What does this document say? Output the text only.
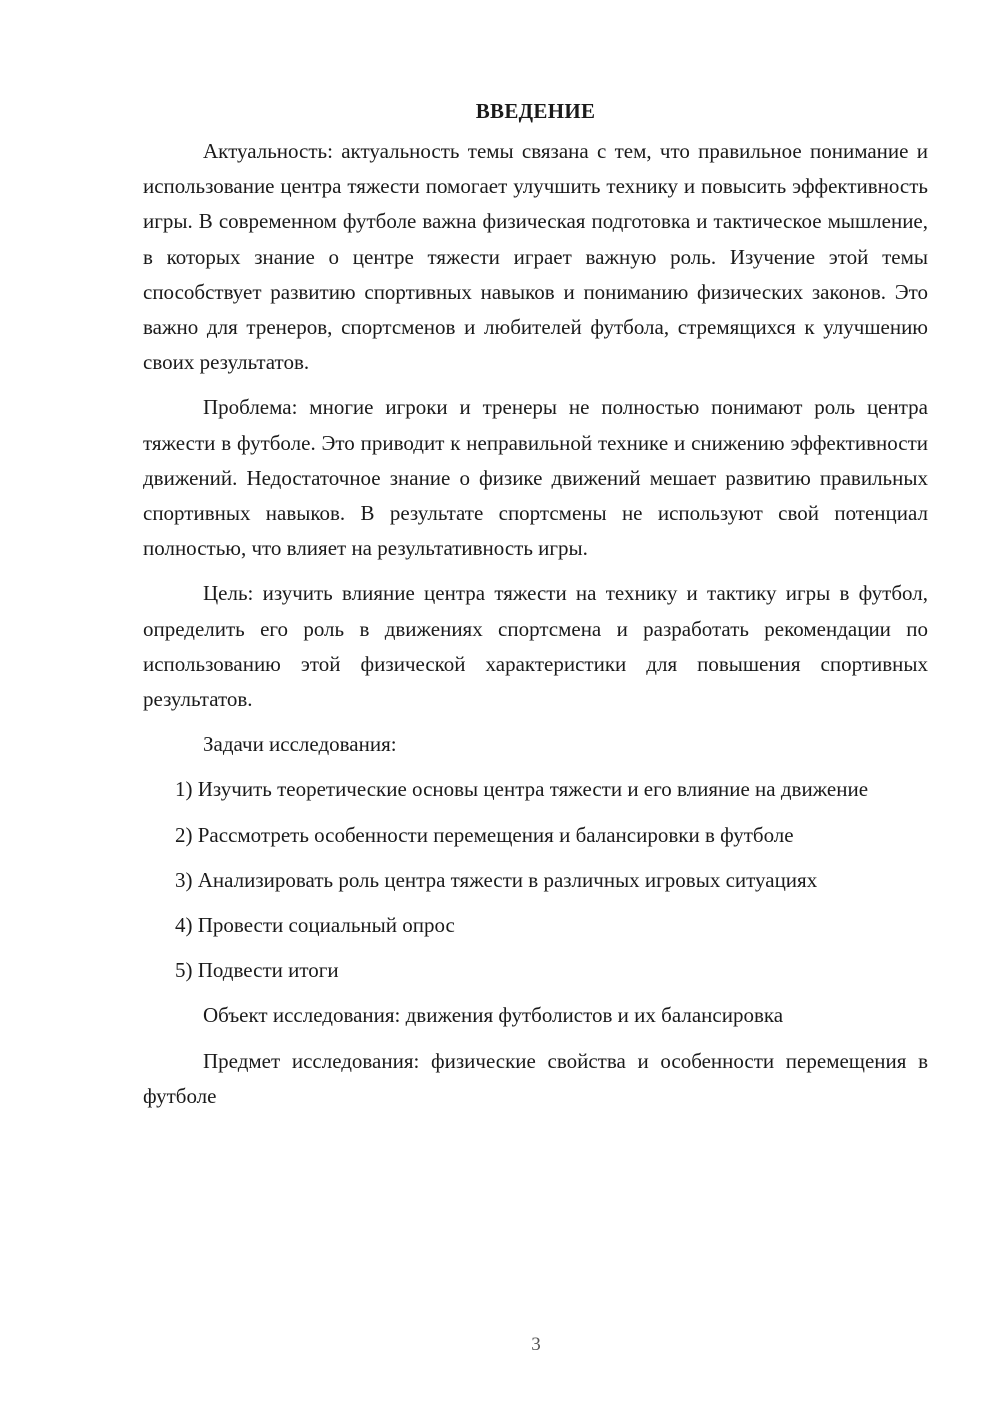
ВВЕДЕНИЕ

Актуальность: актуальность темы связана с тем, что правильное понимание и использование центра тяжести помогает улучшить технику и повысить эффективность игры. В современном футболе важна физическая подготовка и тактическое мышление, в которых знание о центре тяжести играет важную роль. Изучение этой темы способствует развитию спортивных навыков и пониманию физических законов. Это важно для тренеров, спортсменов и любителей футбола, стремящихся к улучшению своих результатов.

Проблема: многие игроки и тренеры не полностью понимают роль центра тяжести в футболе. Это приводит к неправильной технике и снижению эффективности движений. Недостаточное знание о физике движений мешает развитию правильных спортивных навыков. В результате спортсмены не используют свой потенциал полностью, что влияет на результативность игры.

Цель: изучить влияние центра тяжести на технику и тактику игры в футбол, определить его роль в движениях спортсмена и разработать рекомендации по использованию этой физической характеристики для повышения спортивных результатов.

Задачи исследования:

1) Изучить теоретические основы центра тяжести и его влияние на движение

2) Рассмотреть особенности перемещения и балансировки в футболе

3) Анализировать роль центра тяжести в различных игровых ситуациях

4) Провести социальный опрос

5) Подвести итоги

Объект исследования: движения футболистов и их балансировка

Предмет исследования: физические свойства и особенности перемещения в футболе

3
